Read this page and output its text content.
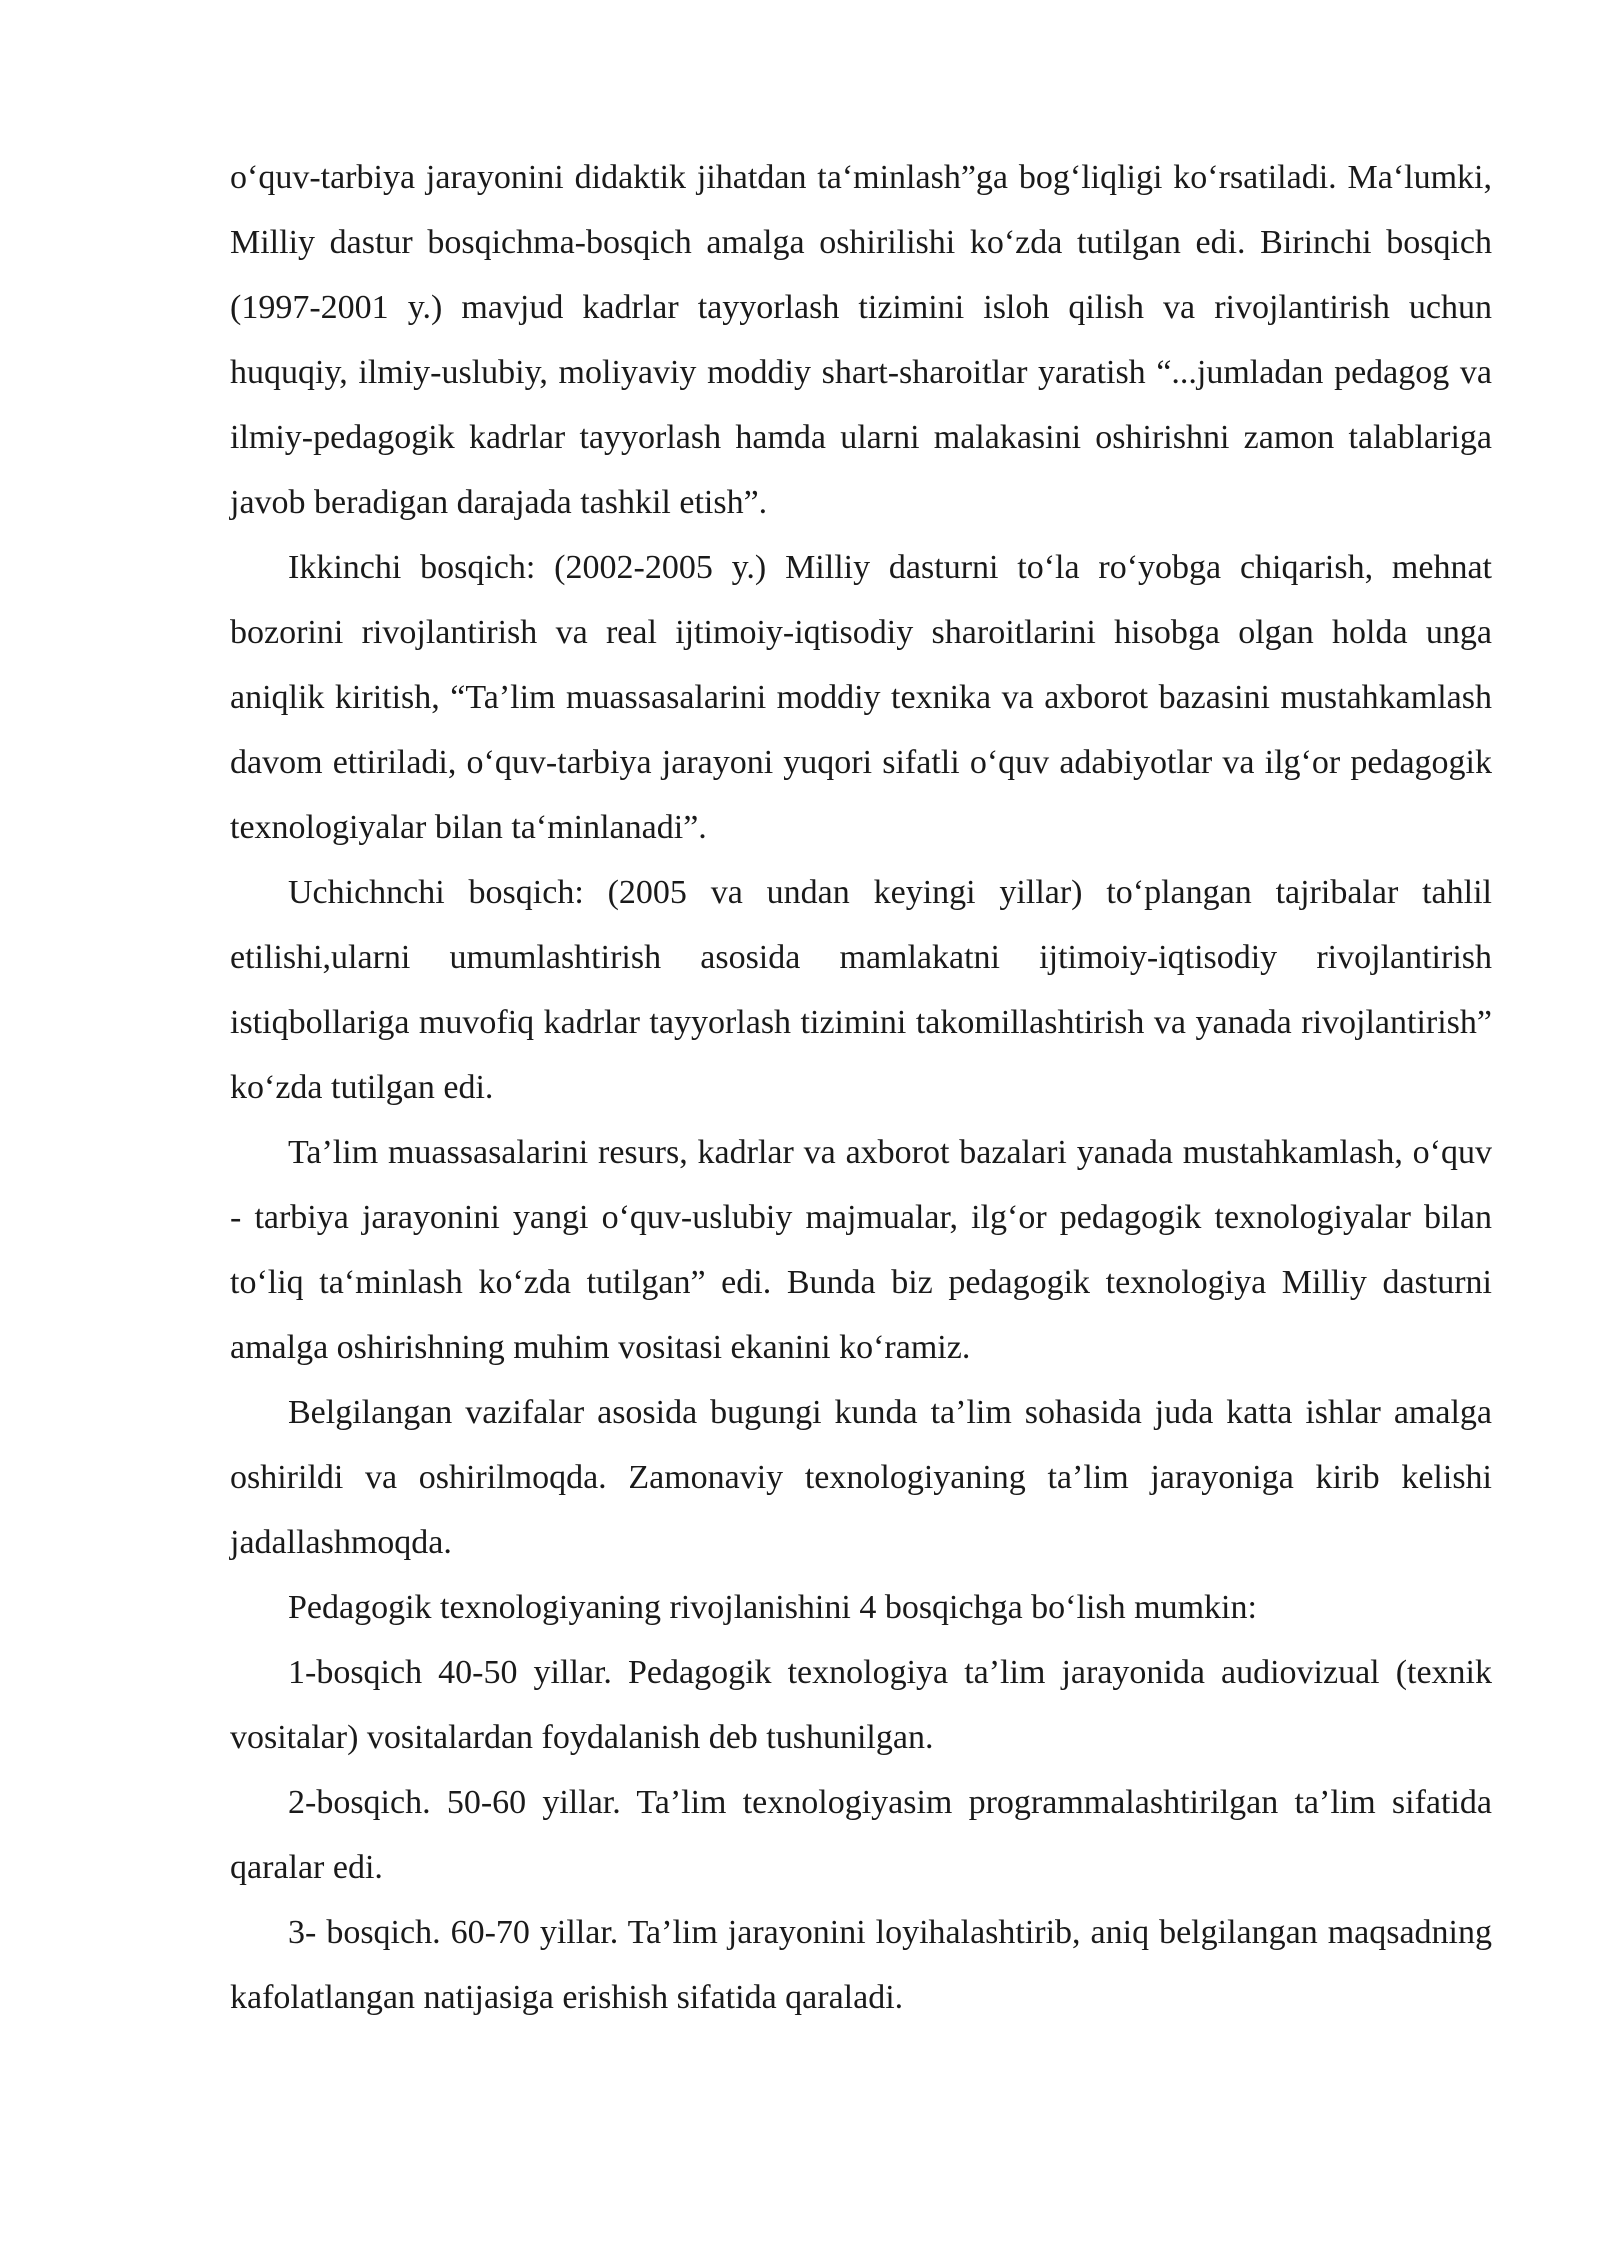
o‘quv-tarbiya jarayonini didaktik jihatdan ta‘minlash”ga bog‘liqligi ko‘rsatiladi. Ma‘lumki, Milliy dastur bosqichma-bosqich amalga oshirilishi ko‘zda tutilgan edi. Birinchi bosqich (1997-2001 y.) mavjud kadrlar tayyorlash tizimini isloh qilish va rivojlantirish uchun huquqiy, ilmiy-uslubiy, moliyaviy moddiy shart-sharoitlar yaratish “...jumladan pedagog va ilmiy-pedagogik kadrlar tayyorlash hamda ularni malakasini oshirishni zamon talablariga javob beradigan darajada tashkil etish”.

Ikkinchi bosqich: (2002-2005 y.) Milliy dasturni to‘la ro‘yobga chiqarish, mehnat bozorini rivojlantirish va real ijtimoiy-iqtisodiy sharoitlarini hisobga olgan holda unga aniqlik kiritish, “Ta’lim muassasalarini moddiy texnika va axborot bazasini mustahkamlash davom ettiriladi, o‘quv-tarbiya jarayoni yuqori sifatli o‘quv adabiyotlar va ilg‘or pedagogik texnologiyalar bilan ta‘minlanadi”.

Uchichnchi bosqich: (2005 va undan keyingi yillar) to‘plangan tajribalar tahlil etilishi,ularni umumlashtirish asosida mamlakatni ijtimoiy-iqtisodiy rivojlantirish istiqbollariga muvofiq kadrlar tayyorlash tizimini takomillashtirish va yanada rivojlantirish” ko‘zda tutilgan edi.

Ta’lim muassasalarini resurs, kadrlar va axborot bazalari yanada mustahkamlash, o‘quv - tarbiya jarayonini yangi o‘quv-uslubiy majmualar, ilg‘or pedagogik texnologiyalar bilan to‘liq ta‘minlash ko‘zda tutilgan” edi. Bunda biz pedagogik texnologiya Milliy dasturni amalga oshirishning muhim vositasi ekanini ko‘ramiz.

Belgilangan vazifalar asosida bugungi kunda ta’lim sohasida juda katta ishlar amalga oshirildi va oshirilmoqda. Zamonaviy texnologiyaning ta’lim jarayoniga kirib kelishi jadallashmoqda.

Pedagogik texnologiyaning rivojlanishini 4 bosqichga bo‘lish mumkin:

1-bosqich 40-50 yillar. Pedagogik texnologiya ta’lim jarayonida audiovizual (texnik vositalar) vositalardan foydalanish deb tushunilgan.

2-bosqich. 50-60 yillar. Ta’lim texnologiyasim programmalashtirilgan ta’lim sifatida qaralar edi.

3- bosqich. 60-70 yillar. Ta’lim jarayonini loyihalashtirib, aniq belgilangan maqsadning kafolatlangan natijasiga erishish sifatida qaraladi.
